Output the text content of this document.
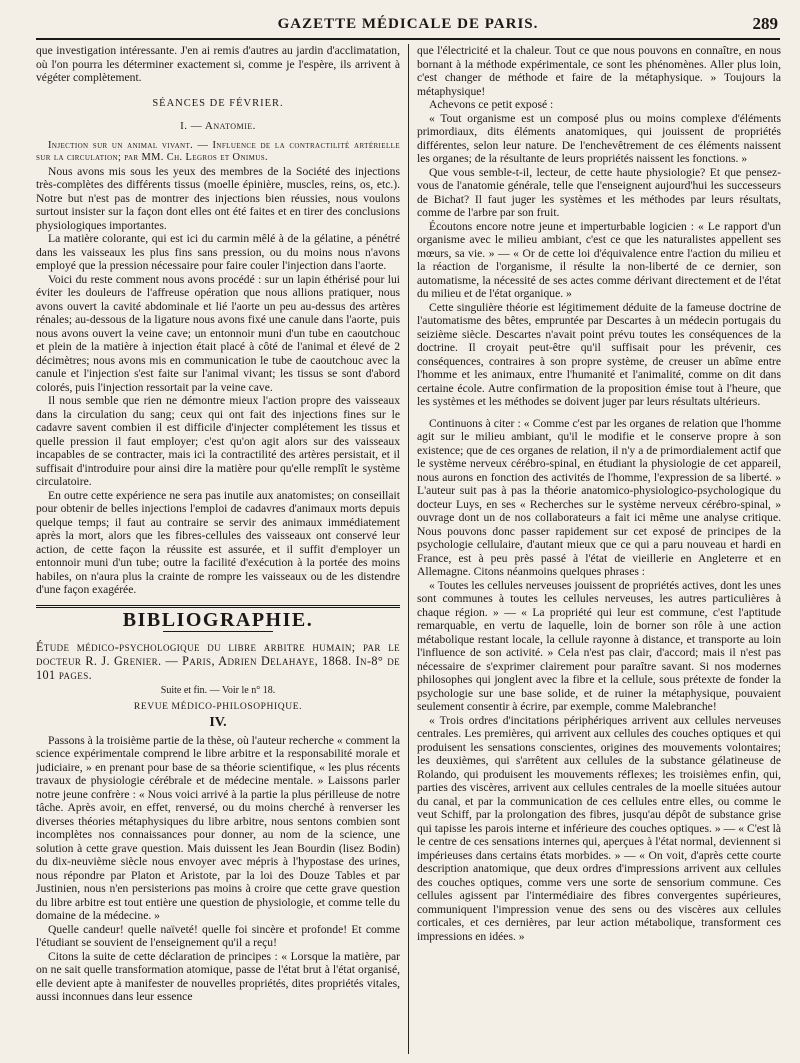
GAZETTE MÉDICALE DE PARIS.	289

que investigation intéressante. J'en ai remis d'autres au jardin d'acclimatation, où l'on pourra les déterminer exactement si, comme je l'espère, ils arrivent à végéter complètement.

SÉANCES DE FÉVRIER.
I. — Anatomie.

Injection sur un animal vivant. — Influence de la contractilité artérielle sur la circulation; par MM. Ch. Legros et Onimus.

Nous avons mis sous les yeux des membres de la Société des injections très-complètes des différents tissus (moelle épinière, muscles, reins, os, etc.). Notre but n'est pas de montrer des injections bien réussies, nous voulons surtout insister sur la façon dont elles ont été faites et en tirer des conclusions physiologiques importantes.

La matière colorante, qui est ici du carmin mêlé à de la gélatine, a pénétré dans les vaisseaux les plus fins sans pression, ou du moins nous n'avons employé que la pression nécessaire pour faire couler l'injection dans l'aorte.

Voici du reste comment nous avons procédé : sur un lapin éthérisé pour lui éviter les douleurs de l'affreuse opération que nous allions pratiquer, nous avons ouvert la cavité abdominale et lié l'aorte un peu au-dessus des artères rénales; au-dessous de la ligature nous avons fixé une canule dans l'aorte, puis nous avons ouvert la veine cave; un entonnoir muni d'un tube en caoutchouc et plein de la matière à injection était placé à côté de l'animal et élevé de 2 décimètres; nous avons mis en communication le tube de caoutchouc avec la canule et l'injection s'est faite sur l'animal vivant; les tissus se sont d'abord colorés, puis l'injection ressortait par la veine cave.

Il nous semble que rien ne démontre mieux l'action propre des vaisseaux dans la circulation du sang; ceux qui ont fait des injections fines sur le cadavre savent combien il est difficile d'injecter complétement les tissus et quelle pression il faut employer; c'est qu'on agit alors sur des vaisseaux incapables de se contracter, mais ici la contractilité des artères persistait, et il suffisait d'introduire pour ainsi dire la matière pour qu'elle remplît le système circulatoire.

En outre cette expérience ne sera pas inutile aux anatomistes; on conseillait pour obtenir de belles injections l'emploi de cadavres d'animaux morts depuis quelque temps; il faut au contraire se servir des animaux immédiatement après la mort, alors que les fibres-cellules des vaisseaux ont conservé leur action, de cette façon la réussite est assurée, et il suffit d'employer un entonnoir muni d'un tube; outre la facilité d'exécution à la portée des moins habiles, on n'aura plus la crainte de rompre les vaisseaux ou de les distendre d'une façon exagérée.

BIBLIOGRAPHIE.

Étude médico-psychologique du libre arbitre humain; par le docteur R. J. Grenier. — Paris, Adrien Delahaye, 1868. In-8° de 101 pages.

Suite et fin. — Voir le n° 18.
REVUE MÉDICO-PHILOSOPHIQUE.
IV.

Passons à la troisième partie de la thèse, où l'auteur recherche « comment la science expérimentale comprend le libre arbitre et la responsabilité morale et judiciaire, » en prenant pour base de sa théorie scientifique, « les plus récents travaux de physiologie cérébrale et de médecine mentale. » Laissons parler notre jeune confrère : « Nous voici arrivé à la partie la plus périlleuse de notre tâche. Après avoir, en effet, renversé, ou du moins cherché à renverser les diverses théories métaphysiques du libre arbitre, nous sentons combien sont incomplètes nos connaissances pour donner, au nom de la science, une solution à cette grave question. Mais duissent les Jean Bourdin (lisez Bodin) du dix-neuvième siècle nous envoyer avec mépris à l'hypostase des urines, nous répondre par Platon et Aristote, par la loi des Douze Tables et par Justinien, nous n'en persisterions pas moins à croire que cette grave question du libre arbitre est tout entière une question de physiologie, et comme telle du domaine de la médecine. »

Quelle candeur! quelle naïveté! quelle foi sincère et profonde! Et comme l'étudiant se souvient de l'enseignement qu'il a reçu!

Citons la suite de cette déclaration de principes : « Lorsque la matière, par on ne sait quelle transformation atomique, passe de l'état brut à l'état organisé, elle devient apte à manifester de nouvelles propriétés, dites propriétés vitales, aussi inconnues dans leur essence

que l'électricité et la chaleur. Tout ce que nous pouvons en connaître, en nous bornant à la méthode expérimentale, ce sont les phénomènes. Aller plus loin, c'est changer de méthode et faire de la métaphysique. » Toujours la métaphysique!

Achevons ce petit exposé :

« Tout organisme est un composé plus ou moins complexe d'éléments primordiaux, dits éléments anatomiques, qui jouissent de propriétés différentes, selon leur nature. De l'enchevêtrement de ces éléments naissent les organes; de la résultante de leurs propriétés naissent les fonctions. »

Que vous semble-t-il, lecteur, de cette haute physiologie? Et que pensez-vous de l'anatomie générale, telle que l'enseignent aujourd'hui les successeurs de Bichat? Il faut juger les systèmes et les méthodes par leurs résultats, comme de l'arbre par son fruit.

Écoutons encore notre jeune et imperturbable logicien : « Le rapport d'un organisme avec le milieu ambiant, c'est ce que les naturalistes appellent ses mœurs, sa vie. » — « Or de cette loi d'équivalence entre l'action du milieu et la réaction de l'organisme, il résulte la non-liberté de ce dernier, son automatisme, la nécessité de ses actes comme dérivant directement et de l'état du milieu et de l'état organique. »

Cette singulière théorie est légitimement déduite de la fameuse doctrine de l'automatisme des bêtes, empruntée par Descartes à un médecin portugais du seizième siècle. Descartes n'avait point prévu toutes les conséquences de la doctrine. Il croyait peut-être qu'il suffisait pour les prévenir, ces conséquences, contraires à son propre système, de creuser un abîme entre l'homme et les animaux, entre l'humanité et l'animalité, comme on dit dans certaine école. Autre confirmation de la proposition émise tout à l'heure, que les systèmes et les méthodes se doivent juger par leurs résultats ultérieurs.

Continuons à citer : « Comme c'est par les organes de relation que l'homme agit sur le milieu ambiant, qu'il le modifie et le conserve propre à son existence; que de ces organes de relation, il n'y a de primordialement actif que le système nerveux cérébro-spinal, en étudiant la physiologie de cet appareil, nous aurons en fonction des activités de l'homme, l'expression de sa liberté. » L'auteur suit pas à pas la théorie anatomico-physiologico-psychologique du docteur Luys, en ses « Recherches sur le système nerveux cérébro-spinal, » ouvrage dont un de nos collaborateurs a fait ici même une analyse critique. Nous pouvons donc passer rapidement sur cet exposé de principes de la psychologie cellulaire, d'autant mieux que ce qui a paru nouveau et hardi en France, est à peu près passé à l'état de vieillerie en Angleterre et en Allemagne. Citons néanmoins quelques phrases :

« Toutes les cellules nerveuses jouissent de propriétés actives, dont les unes sont communes à toutes les cellules nerveuses, les autres particulières à chaque région. » — « La propriété qui leur est commune, c'est l'aptitude remarquable, en vertu de laquelle, loin de borner son rôle à une action métabolique restant locale, la cellule rayonne à distance, et transporte au loin l'influence de son activité. » Cela n'est pas clair, d'accord; mais il n'est pas nécessaire de s'exprimer clairement pour paraître savant. Si nos modernes philosophes qui jonglent avec la fibre et la cellule, sous prétexte de fonder la psychologie sur une base solide, et de ruiner la métaphysique, pouvaient seulement consentir à écrire, par exemple, comme Malebranche!

« Trois ordres d'incitations périphériques arrivent aux cellules nerveuses centrales. Les premières, qui arrivent aux cellules des couches optiques et qui produisent les sensations conscientes, origines des mouvements volontaires; les deuxièmes, qui s'arrêtent aux cellules de la substance gélatineuse de Rolando, qui produisent les mouvements réflexes; les troisièmes enfin, qui, parties des viscères, arrivent aux cellules centrales de la moelle situées autour du canal, et par la communication de ces cellules entre elles, ou comme le veut Schiff, par la prolongation des fibres, jusqu'au dépôt de substance grise qui tapisse les parois interne et inférieure des couches optiques. » — « C'est là le centre de ces sensations internes qui, aperçues à l'état normal, deviennent si impérieuses dans certains états morbides. » — « On voit, d'après cette courte description anatomique, que deux ordres d'impressions arrivent aux cellules des couches optiques, comme vers une sorte de sensorium commune. Ces cellules agissent par l'intermédiaire des fibres convergentes supérieures, communiquent l'impression venue des sens ou des viscères aux cellules corticales, et ces dernières, par leur action métabolique, transforment ces impressions en idées. »
